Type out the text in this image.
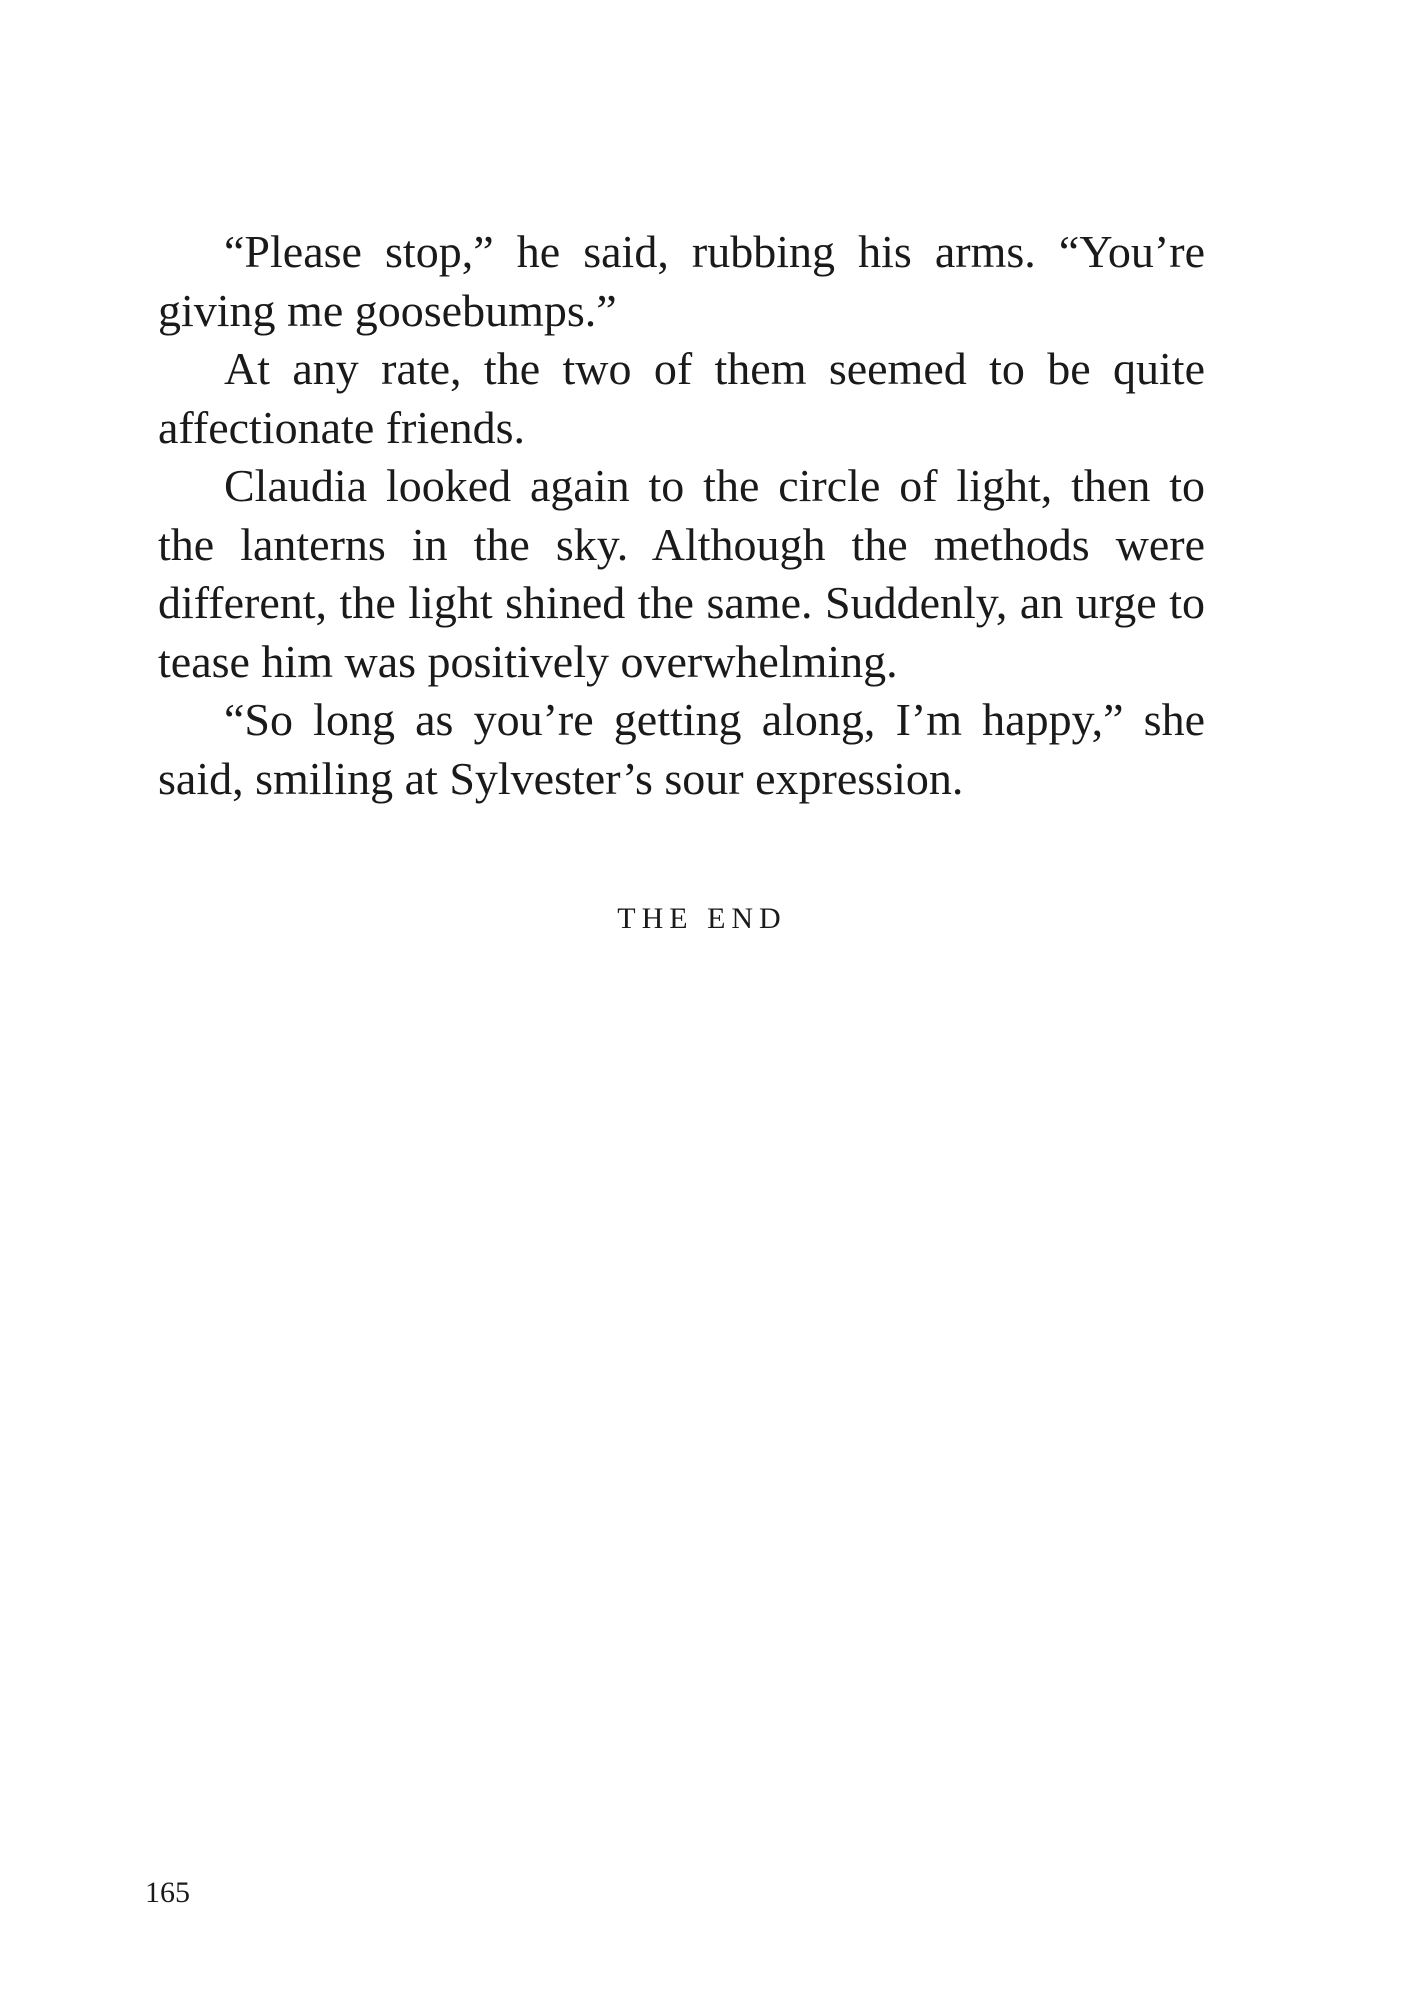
“Please stop,” he said, rubbing his arms. “You’re giving me goosebumps.”

At any rate, the two of them seemed to be quite affectionate friends.

Claudia looked again to the circle of light, then to the lanterns in the sky. Although the methods were different, the light shined the same. Suddenly, an urge to tease him was positively overwhelming.

“So long as you’re getting along, I’m happy,” she said, smiling at Sylvester’s sour expression.

THE END
165
